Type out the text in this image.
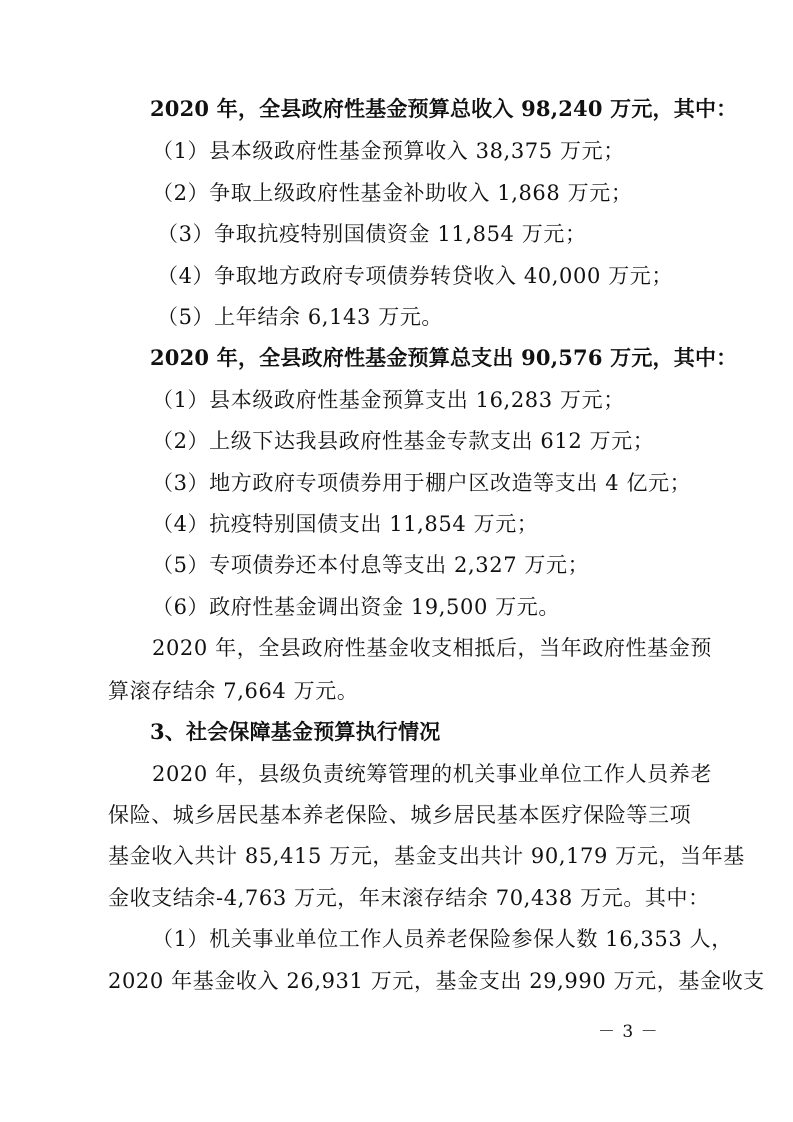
2020 年，全县政府性基金预算总收入 98,240 万元，其中：
（1）县本级政府性基金预算收入 38,375 万元；
（2）争取上级政府性基金补助收入 1,868 万元；
（3）争取抗疫特别国债资金 11,854 万元；
（4）争取地方政府专项债券转贷收入 40,000 万元；
（5）上年结余 6,143 万元。
2020 年，全县政府性基金预算总支出 90,576 万元，其中：
（1）县本级政府性基金预算支出 16,283 万元；
（2）上级下达我县政府性基金专款支出 612 万元；
（3）地方政府专项债券用于棚户区改造等支出 4 亿元；
（4）抗疫特别国债支出 11,854 万元；
（5）专项债券还本付息等支出 2,327 万元；
（6）政府性基金调出资金 19,500 万元。
2020 年，全县政府性基金收支相抵后，当年政府性基金预
算滚存结余 7,664 万元。
3、社会保障基金预算执行情况
2020 年，县级负责统筹管理的机关事业单位工作人员养老
保险、城乡居民基本养老保险、城乡居民基本医疗保险等三项
基金收入共计 85,415 万元，基金支出共计 90,179 万元，当年基
金收支结余-4,763 万元，年末滚存结余 70,438 万元。其中：
（1）机关事业单位工作人员养老保险参保人数 16,353 人，
2020 年基金收入 26,931 万元，基金支出 29,990 万元，基金收支
－ 3 －
